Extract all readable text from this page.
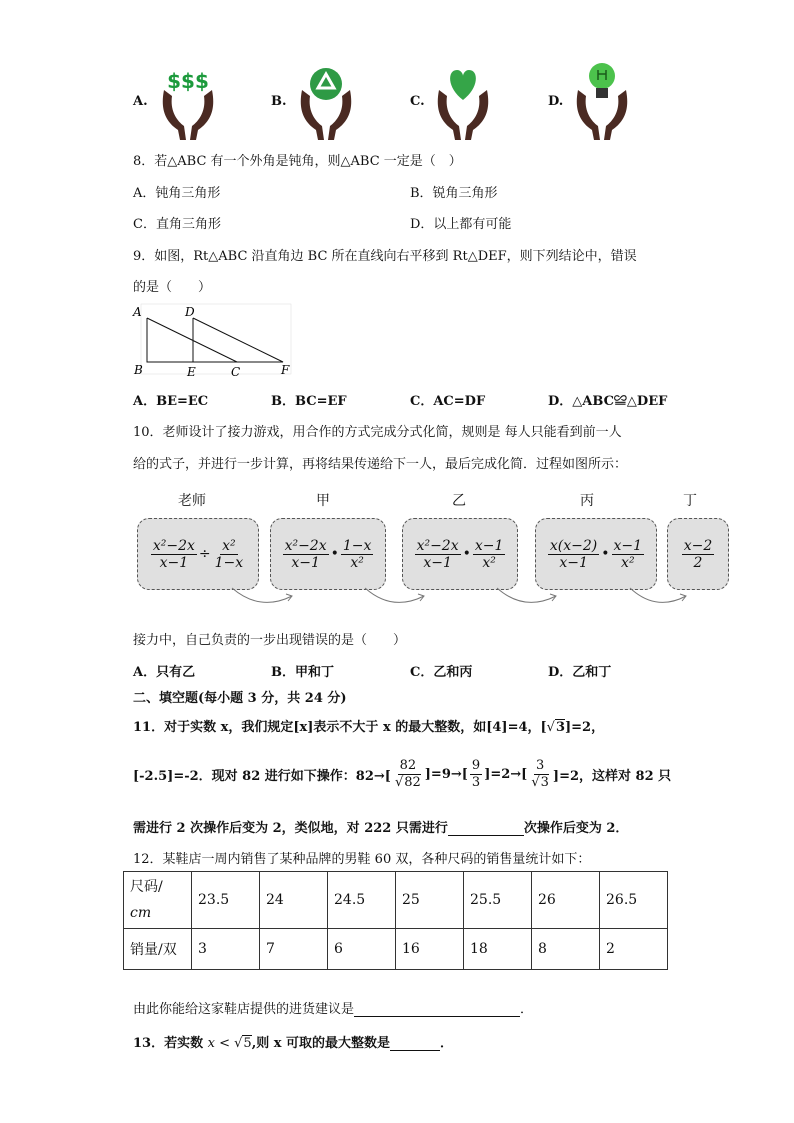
A.	B.	C.	D.
$$$
8．若△ABC 有一个外角是钝角，则△ABC 一定是（　）
A．钝角三角形	B．锐角三角形
C．直角三角形	D．以上都有可能
9．如图，Rt△ABC 沿直角边 BC 所在直线向右平移到 Rt△DEF，则下列结论中，错误
的是（　　）
A	D
B	E	C	F
A．BE=EC	B．BC=EF	C．AC=DF	D．△ABC≌△DEF
10．老师设计了接力游戏，用合作的方式完成分式化简，规则是 每人只能看到前一人
给的式子，并进行一步计算，再将结果传递给下一人，最后完成化简．过程如图所示：
老师	甲	乙	丙	丁
$\frac{\text{x²−2x}}{x-1} \div \frac{\text{x²}}{1-x}$	$\frac{\text{x²−2x}}{x-1}$ • $\frac{1-x}{\text{x²}}$	$\frac{\text{x²−2x}}{x-1}$ • $\frac{x-1}{\text{x²}}$	$\frac{x(x-2)}{x-1}$ • $\frac{x-1}{\text{x²}}$	$\frac{x-2}{2}$
接力中，自己负责的一步出现错误的是（　　）
A．只有乙	B．甲和丁	C．乙和丙	D．乙和丁
二、填空题(每小题 3 分，共 24 分)
11．对于实数 x，我们规定[x]表示不大于 x 的最大整数，如[4]=4，[√3]=2，
[-2.5]=-2．现对 82 进行如下操作：$82\to[ \frac{82}{√82} ]=9\to[ \frac{9}{3} ]=2\to[ \frac{3}{√3} ]=2$，这样对 82 只
需进行 2 次操作后变为 2，类似地，对 222 只需进行	次操作后变为 2．
12．某鞋店一周内销售了某种品牌的男鞋 60 双，各种尺码的销售量统计如下：
尺码/
cm	23.5	24	24.5	25	25.5	26	26.5
销量/双	3	7	6	16	18	8	2
由此你能给这家鞋店提供的进货建议是	．
13．若实数 x < √5,则 x 可取的最大整数是	．
